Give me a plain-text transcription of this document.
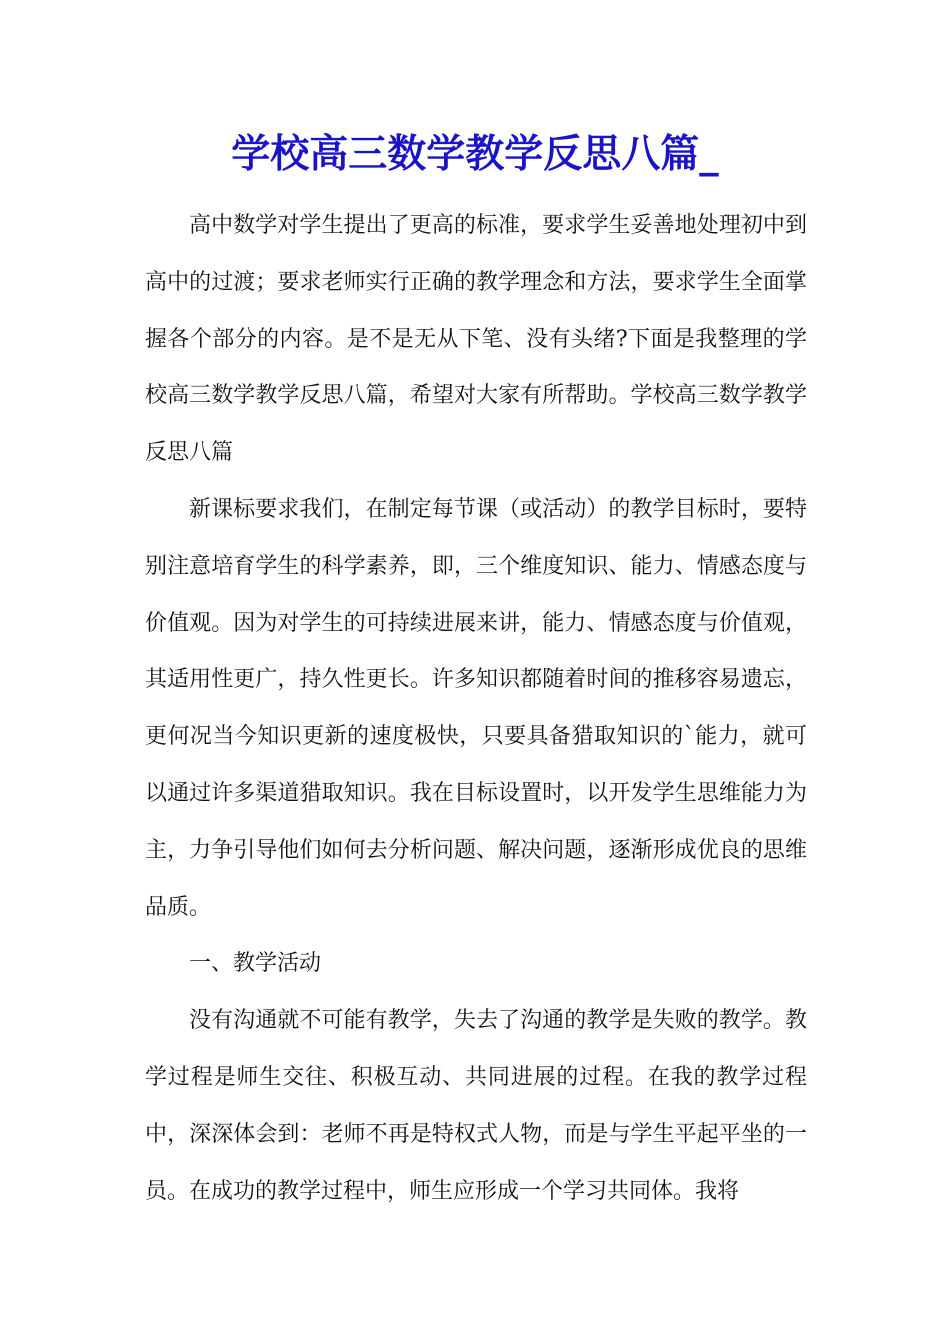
学校高三数学教学反思八篇_

高中数学对学生提出了更高的标准，要求学生妥善地处理初中到高中的过渡；要求老师实行正确的教学理念和方法，要求学生全面掌握各个部分的内容。是不是无从下笔、没有头绪?下面是我整理的学校高三数学教学反思八篇，希望对大家有所帮助。学校高三数学教学反思八篇

新课标要求我们，在制定每节课（或活动）的教学目标时，要特别注意培育学生的科学素养，即，三个维度知识、能力、情感态度与价值观。因为对学生的可持续进展来讲，能力、情感态度与价值观，其适用性更广，持久性更长。许多知识都随着时间的推移容易遗忘，更何况当今知识更新的速度极快，只要具备猎取知识的`能力，就可以通过许多渠道猎取知识。我在目标设置时，以开发学生思维能力为主，力争引导他们如何去分析问题、解决问题，逐渐形成优良的思维品质。

一、教学活动

没有沟通就不可能有教学，失去了沟通的教学是失败的教学。教学过程是师生交往、积极互动、共同进展的过程。在我的教学过程中，深深体会到：老师不再是特权式人物，而是与学生平起平坐的一员。在成功的教学过程中，师生应形成一个学习共同体。我将
